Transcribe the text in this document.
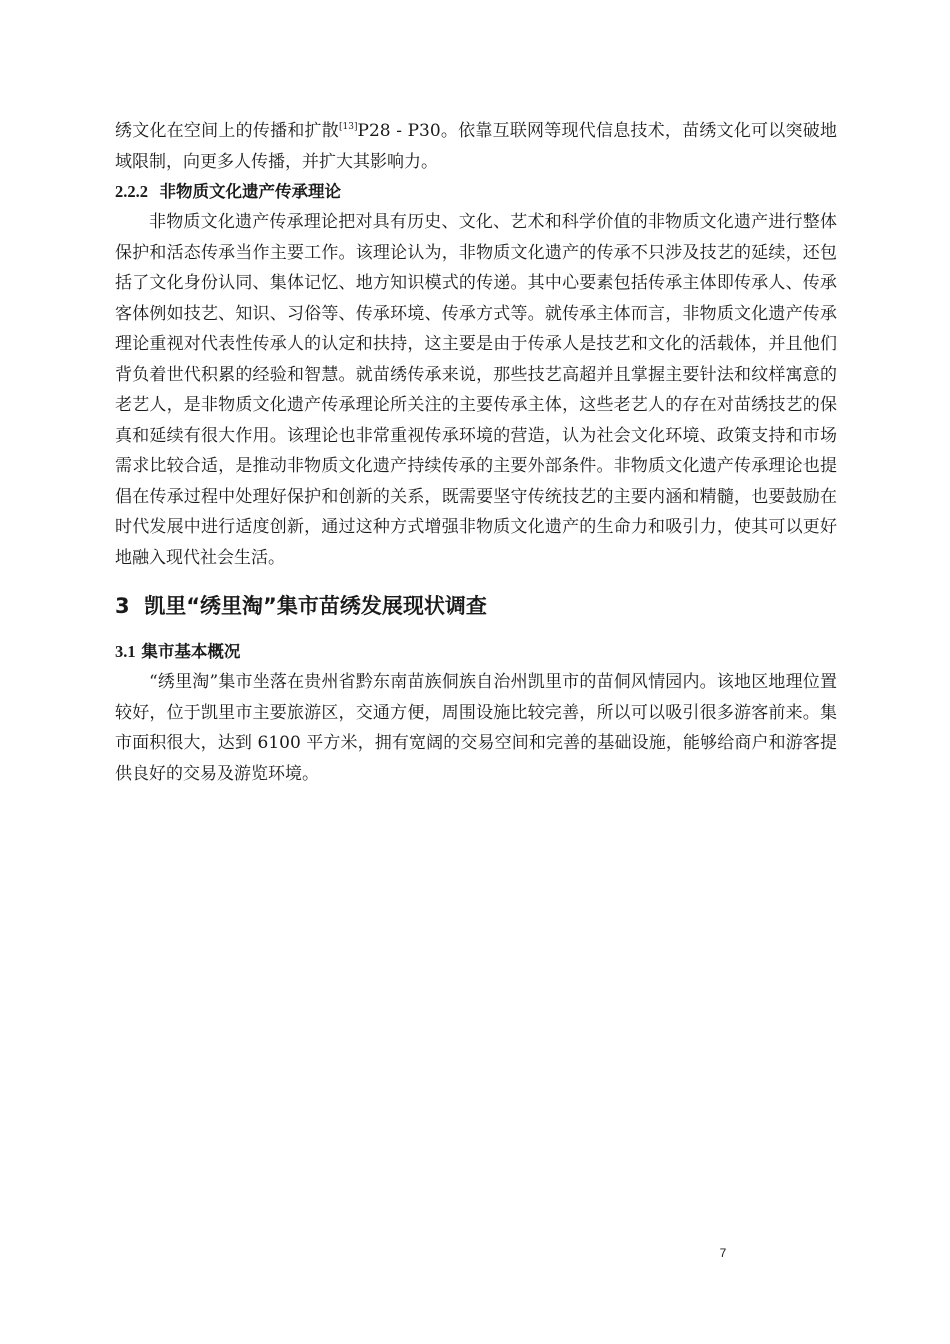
绣文化在空间上的传播和扩散[13]P28 - P30。依靠互联网等现代信息技术，苗绣文化可以突破地域限制，向更多人传播，并扩大其影响力。

2.2.2 非物质文化遗产传承理论

非物质文化遗产传承理论把对具有历史、文化、艺术和科学价值的非物质文化遗产进行整体保护和活态传承当作主要工作。该理论认为，非物质文化遗产的传承不只涉及技艺的延续，还包括了文化身份认同、集体记忆、地方知识模式的传递。其中心要素包括传承主体即传承人、传承客体例如技艺、知识、习俗等、传承环境、传承方式等。就传承主体而言，非物质文化遗产传承理论重视对代表性传承人的认定和扶持，这主要是由于传承人是技艺和文化的活载体，并且他们背负着世代积累的经验和智慧。就苗绣传承来说，那些技艺高超并且掌握主要针法和纹样寓意的老艺人，是非物质文化遗产传承理论所关注的主要传承主体，这些老艺人的存在对苗绣技艺的保真和延续有很大作用。该理论也非常重视传承环境的营造，认为社会文化环境、政策支持和市场需求比较合适，是推动非物质文化遗产持续传承的主要外部条件。非物质文化遗产传承理论也提倡在传承过程中处理好保护和创新的关系，既需要坚守传统技艺的主要内涵和精髓，也要鼓励在时代发展中进行适度创新，通过这种方式增强非物质文化遗产的生命力和吸引力，使其可以更好地融入现代社会生活。

3 凯里“绣里淘”集市苗绣发展现状调查
3.1 集市基本概况

“绣里淘”集市坐落在贵州省黔东南苗族侗族自治州凯里市的苗侗风情园内。该地区地理位置较好，位于凯里市主要旅游区，交通方便，周围设施比较完善，所以可以吸引很多游客前来。集市面积很大，达到 6100 平方米，拥有宽阔的交易空间和完善的基础设施，能够给商户和游客提供良好的交易及游览环境。

7
